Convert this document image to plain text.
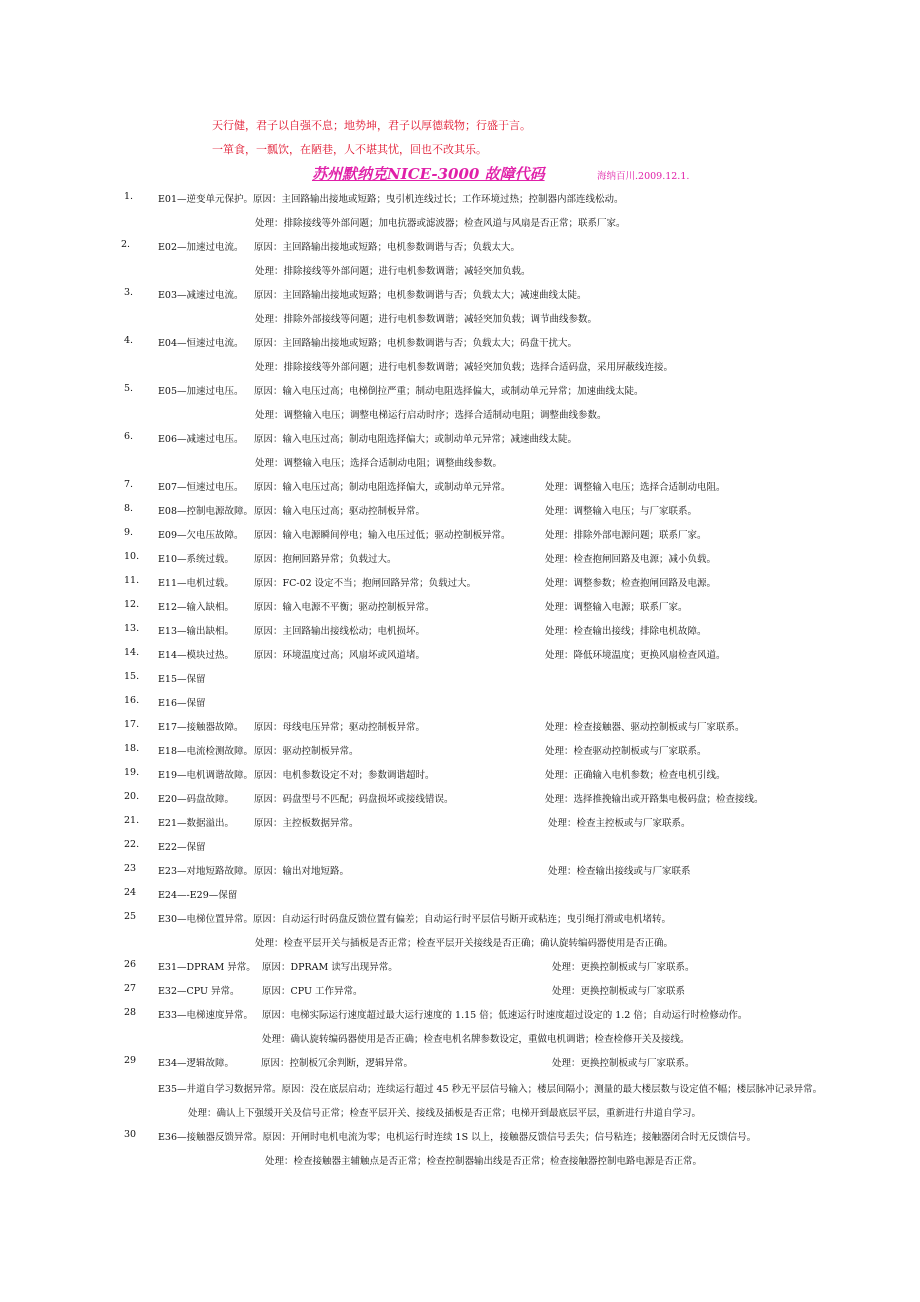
天行健，君子以自强不息；地势坤，君子以厚德载物；行盛于言。
一箪食，一瓢饮，在陋巷，人不堪其忧，回也不改其乐。
苏州默纳克NICE-3000 故障代码	海纳百川.2009.12.1.
1.	E01—逆变单元保护。原因：主回路输出接地或短路；曳引机连线过长；工作环境过热；控制器内部连线松动。
处理：排除接线等外部问题；加电抗器或滤波器；检查风道与风扇是否正常；联系厂家。
2.	E02—加速过电流。 原因：主回路输出接地或短路；电机参数调谐与否；负载太大。
处理：排除接线等外部问题；进行电机参数调谐；减轻突加负载。
3.	E03—减速过电流。 原因：主回路输出接地或短路；电机参数调谐与否；负载太大；减速曲线太陡。
处理：排除外部接线等问题；进行电机参数调谐；减轻突加负载；调节曲线参数。
4.	E04—恒速过电流。 原因：主回路输出接地或短路；电机参数调谐与否；负载太大；码盘干扰大。
处理：排除接线等外部问题；进行电机参数调谐；减轻突加负载；选择合适码盘，采用屏蔽线连接。
5.	E05—加速过电压。 原因：输入电压过高；电梯倒拉严重；制动电阻选择偏大，或制动单元异常；加速曲线太陡。
处理：调整输入电压；调整电梯运行启动时序；选择合适制动电阻；调整曲线参数。
6.	E06—减速过电压。 原因：输入电压过高；制动电阻选择偏大；或制动单元异常；减速曲线太陡。
处理：调整输入电压；选择合适制动电阻；调整曲线参数。
7.	E07—恒速过电压。 原因：输入电压过高；制动电阻选择偏大，或制动单元异常。	处理：调整输入电压；选择合适制动电阻。
8.	E08—控制电源故障。 原因：输入电压过高；驱动控制板异常。	处理：调整输入电压；与厂家联系。
9.	E09—欠电压故障。 原因：输入电源瞬间停电；输入电压过低；驱动控制板异常。	处理：排除外部电源问题；联系厂家。
10. E10—系统过载。 原因：抱闸回路异常；负载过大。	处理：检查抱闸回路及电源；减小负载。
11. E11—电机过载。 原因：FC-02 设定不当；抱闸回路异常；负载过大。	处理：调整参数；检查抱闸回路及电源。
12. E12—输入缺相。 原因：输入电源不平衡；驱动控制板异常。	处理：调整输入电源；联系厂家。
13. E13—输出缺相。 原因：主回路输出接线松动；电机损坏。	处理：检查输出接线；排除电机故障。
14. E14—模块过热。 原因：环境温度过高；风扇坏或风道堵。	处理：降低环境温度；更换风扇检查风道。
15. E15—保留
16. E16—保留
17. E17—接触器故障。 原因：母线电压异常；驱动控制板异常。	处理：检查接触器、驱动控制板或与厂家联系。
18. E18—电流检测故障。 原因：驱动控制板异常。	处理：检查驱动控制板或与厂家联系。
19. E19—电机调谐故障。 原因：电机参数设定不对；参数调谐超时。	处理：正确输入电机参数；检查电机引线。
20. E20—码盘故障。 原因：码盘型号不匹配；码盘损坏或接线错误。	处理：选择推挽输出或开路集电极码盘；检查接线。
21. E21—数据溢出。 原因：主控板数据异常。	处理：检查主控板或与厂家联系。
22. E22—保留
23 E23—对地短路故障。 原因：输出对地短路。	处理：检查输出接线或与厂家联系
24 E24—-E29—保留
25 E30—电梯位置异常。原因：自动运行时码盘反馈位置有偏差；自动运行时平层信号断开或粘连；曳引绳打滑或电机堵转。
处理：检查平层开关与插板是否正常；检查平层开关接线是否正确；确认旋转编码器使用是否正确。
26 E31—DPRAM 异常。 原因：DPRAM 读写出现异常。	处理：更换控制板或与厂家联系。
27 E32—CPU 异常。 原因：CPU 工作异常。	处理：更换控制板或与厂家联系
28 E33—电梯速度异常。 原因：电梯实际运行速度超过最大运行速度的 1.15 倍；低速运行时速度超过设定的 1.2 倍；自动运行时检修动作。
处理：确认旋转编码器使用是否正确；检查电机名牌参数设定，重做电机调谐；检查检修开关及接线。
29 E34—逻辑故障。	原因：控制板冗余判断，逻辑异常。	处理：更换控制板或与厂家联系。
E35—井道自学习数据异常。原因：没在底层启动；连续运行超过 45 秒无平层信号输入；楼层间隔小；测量的最大楼层数与设定值不幅；楼层脉冲记录异常。
处理：确认上下强缓开关及信号正常；检查平层开关、接线及插板是否正常；电梯开到最底层平层，重新进行井道自学习。
30 E36—接触器反馈异常。原因：开闸时电机电流为零；电机运行时连续 1S 以上，接触器反馈信号丢失；信号粘连；接触器闭合时无反馈信号。
处理：检查接触器主辅触点是否正常；检查控制器输出线是否正常；检查接触器控制电路电源是否正常。
